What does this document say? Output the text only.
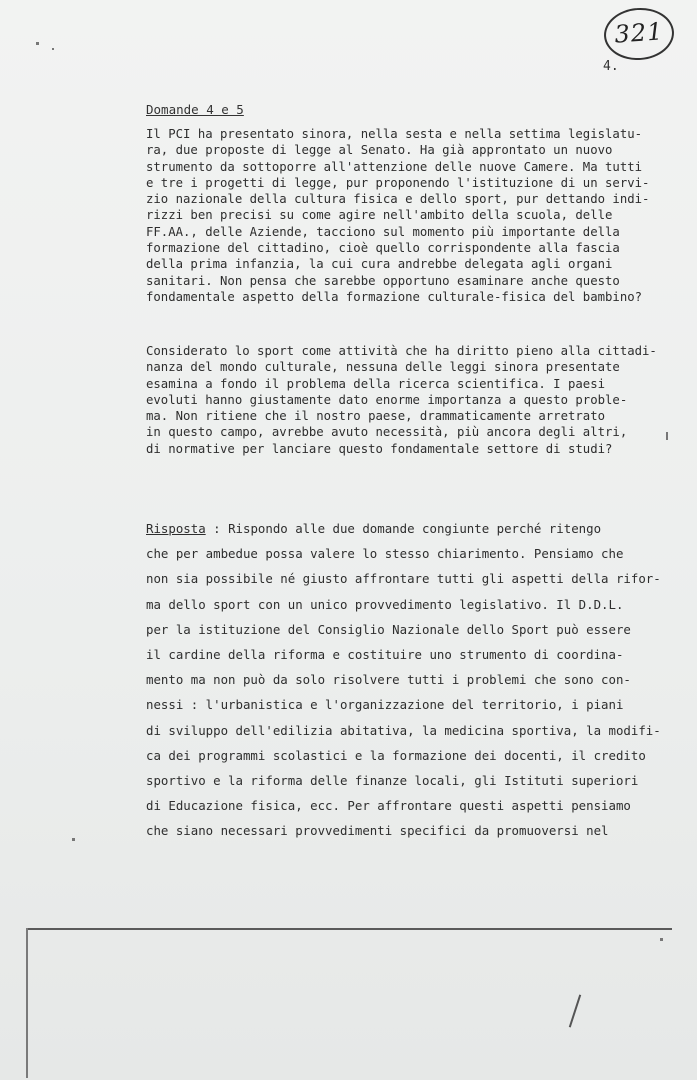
321
4.
Domande 4 e 5
Il PCI ha presentato sinora, nella sesta e nella settima legislatu-
ra, due proposte di legge al Senato. Ha già approntato un nuovo
strumento da sottoporre all'attenzione delle nuove Camere. Ma tutti
e tre i progetti di legge, pur proponendo l'istituzione di un servi-
zio nazionale della cultura fisica e dello sport, pur dettando indi-
rizzi ben precisi su come agire nell'ambito della scuola, delle
FF.AA., delle Aziende, tacciono sul momento più importante della
formazione del cittadino, cioè quello corrispondente alla fascia
della prima infanzia, la cui cura andrebbe delegata agli organi
sanitari. Non pensa che sarebbe opportuno esaminare anche questo
fondamentale aspetto della formazione culturale-fisica del bambino?
Considerato lo sport come attività che ha diritto pieno alla cittadi-
nanza del mondo culturale, nessuna delle leggi sinora presentate
esamina a fondo il problema della ricerca scientifica. I paesi
evoluti hanno giustamente dato enorme importanza a questo proble-
ma. Non ritiene che il nostro paese, drammaticamente arretrato
in questo campo, avrebbe avuto necessità, più ancora degli altri,
di normative per lanciare questo fondamentale settore di studi?
Risposta : Rispondo alle due domande congiunte perché ritengo
che per ambedue possa valere lo stesso chiarimento. Pensiamo che
non sia possibile né giusto affrontare tutti gli aspetti della rifor-
ma dello sport con un unico provvedimento legislativo. Il D.D.L.
per la istituzione del Consiglio Nazionale dello Sport può essere
il cardine della riforma e costituire uno strumento di coordina-
mento ma non può da solo risolvere tutti i problemi che sono con-
nessi : l'urbanistica e l'organizzazione del territorio, i piani
di sviluppo dell'edilizia abitativa, la medicina sportiva, la modifi-
ca dei programmi scolastici e la formazione dei docenti, il credito
sportivo e la riforma delle finanze locali, gli Istituti superiori
di Educazione fisica, ecc. Per affrontare questi aspetti pensiamo
che siano necessari provvedimenti specifici da promuoversi nel
